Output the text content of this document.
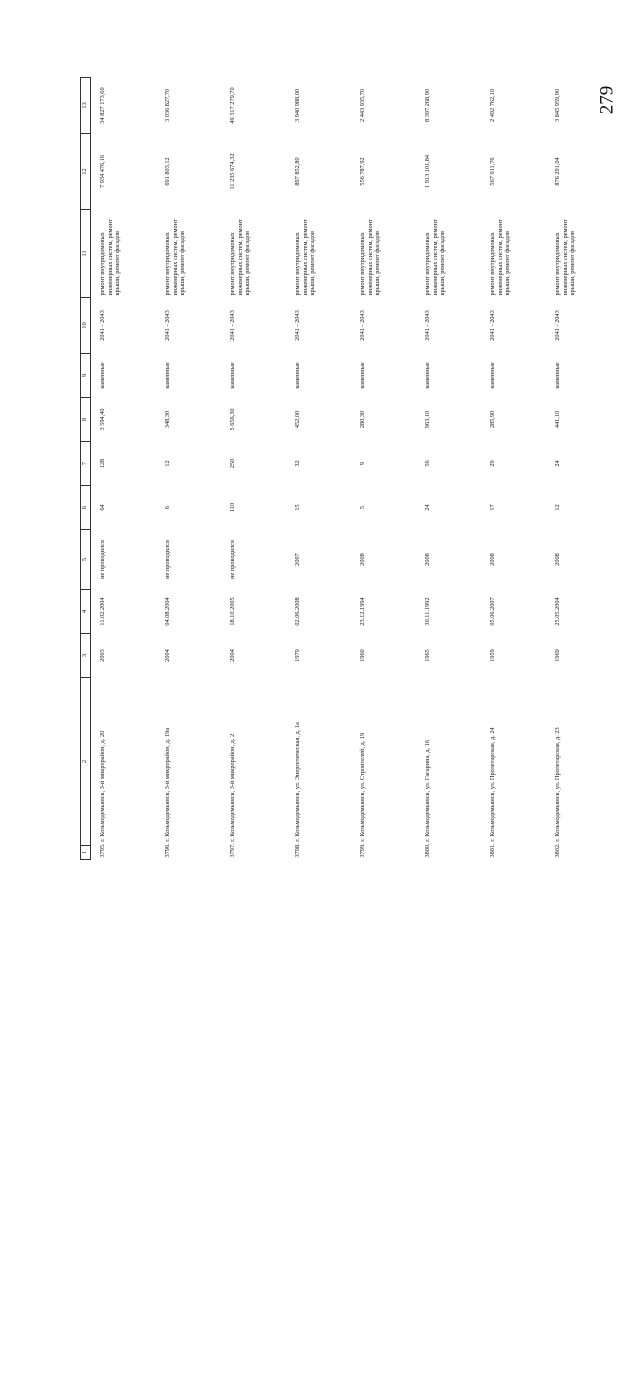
279
1	2	3	4	5	6	7	8	9	10	11	12	13
3795. г. Козьмодемьянск, 3-й микрорайон, д. 20		2003	11.02.2004	не проводился	64	128	3 594,40	каменные	2041 - 2043	ремонт внутридомовых инженерных систем, ремонт крыши, ремонт фасадов	7 934 476,16	34 827 173,60
3796. г. Козьмодемьянск, 3-й микрорайон, д. 19а		2004	04.08.2004	не проводился	6	12	348,30	каменные	2041 - 2043	ремонт внутридомовых инженерных систем, ремонт крыши, ремонт фасадов	691 803,12	3 036 827,70
3797. г. Козьмодемьянск, 3-й микрорайон, д. 2		2004	18.10.2005	не проводился	110	250	5 656,30	каменные	2041 - 2043	ремонт внутридомовых инженерных систем, ремонт крыши, ремонт фасадов	11 235 674,32	49 317 279,70
3798. г. Козьмодемьянск, ул. Энергетическая, д. 1а		1979	02.06.2008	2007	15	32	452,00	каменные	2041 - 2043	ремонт внутридомовых инженерных систем, ремонт крыши, ремонт фасадов	897 852,80	3 940 988,00
3799. г. Козьмодемьянск, ул. Строителей, д. 19		1960	23.12.1994	2008	5	9	280,30	каменные	2041 - 2043	ремонт внутридомовых инженерных систем, ремонт крыши, ремонт фасадов	556 787,92	2 443 935,70
3800. г. Козьмодемьянск, ул. Гагарина, д. 16		1965	30.11.1992	2008	24	56	963,10	каменные	2041 - 2043	ремонт внутридомовых инженерных систем, ремонт крыши, ремонт фасадов	1 913 101,84	8 397 268,90
3801. г. Козьмодемьянск, ул. Пролетарская, д. 24		1959	05.06.2007	2008	17	29	285,90	каменные	2041 - 2043	ремонт внутридомовых инженерных систем, ремонт крыши, ремонт фасадов	567 911,76	2 492 762,10
3802. г. Козьмодемьянск, ул. Пролетарская, д. 23		1969	25.05.2004	2008	12	24	441,10	каменные	2041 - 2043	ремонт внутридомовых инженерных систем, ремонт крыши, ремонт фасадов	876 201,04	3 845 959,90
